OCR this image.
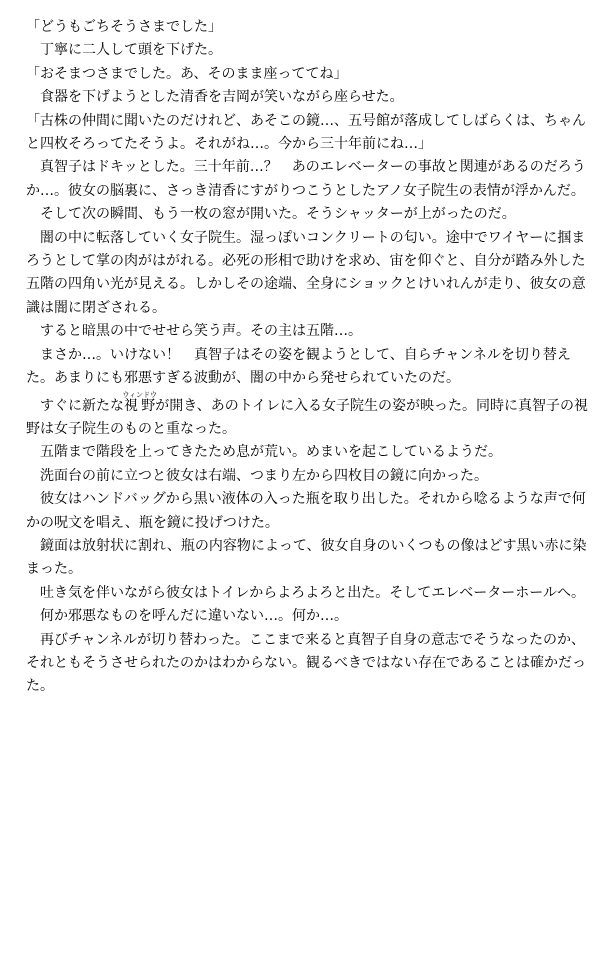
「どうもごちそうさまでした」

　丁寧に二人して頭を下げた。

「おそまつさまでした。あ、そのまま座っててね」

　食器を下げようとした清香を吉岡が笑いながら座らせた。

「古株の仲間に聞いたのだけれど、あそこの鏡…、五号館が落成してしばらくは、ちゃんと四枚そろってたそうよ。それがね…。今から三十年前にね…」

　真智子はドキッとした。三十年前…？　あのエレベーターの事故と関連があるのだろうか…。彼女の脳裏に、さっき清香にすがりつこうとしたアノ女子院生の表情が浮かんだ。

　そして次の瞬間、もう一枚の窓が開いた。そうシャッターが上がったのだ。

　闇の中に転落していく女子院生。湿っぽいコンクリートの匂い。途中でワイヤーに掴まろうとして掌の肉がはがれる。必死の形相で助けを求め、宙を仰ぐと、自分が踏み外した五階の四角い光が見える。しかしその途端、全身にショックとけいれんが走り、彼女の意識は闇に閉ざされる。

　すると暗黒の中でせせら笑う声。その主は五階…。

　まさか…。いけない！　真智子はその姿を観ようとして、自らチャンネルを切り替えた。あまりにも邪悪すぎる波動が、闇の中から発せられていたのだ。

　すぐに新たな視野ウィンドウが開き、あのトイレに入る女子院生の姿が映った。同時に真智子の視野は女子院生のものと重なった。

　五階まで階段を上ってきたため息が荒い。めまいを起こしているようだ。

　洗面台の前に立つと彼女は右端、つまり左から四枚目の鏡に向かった。

　彼女はハンドバッグから黒い液体の入った瓶を取り出した。それから唸るような声で何かの呪文を唱え、瓶を鏡に投げつけた。

　鏡面は放射状に割れ、瓶の内容物によって、彼女自身のいくつもの像はどす黒い赤に染まった。

　吐き気を伴いながら彼女はトイレからよろよろと出た。そしてエレベーターホールへ。

　何か邪悪なものを呼んだに違いない…。何か…。

　再びチャンネルが切り替わった。ここまで来ると真智子自身の意志でそうなったのか、それともそうさせられたのかはわからない。観るべきではない存在であることは確かだった。
